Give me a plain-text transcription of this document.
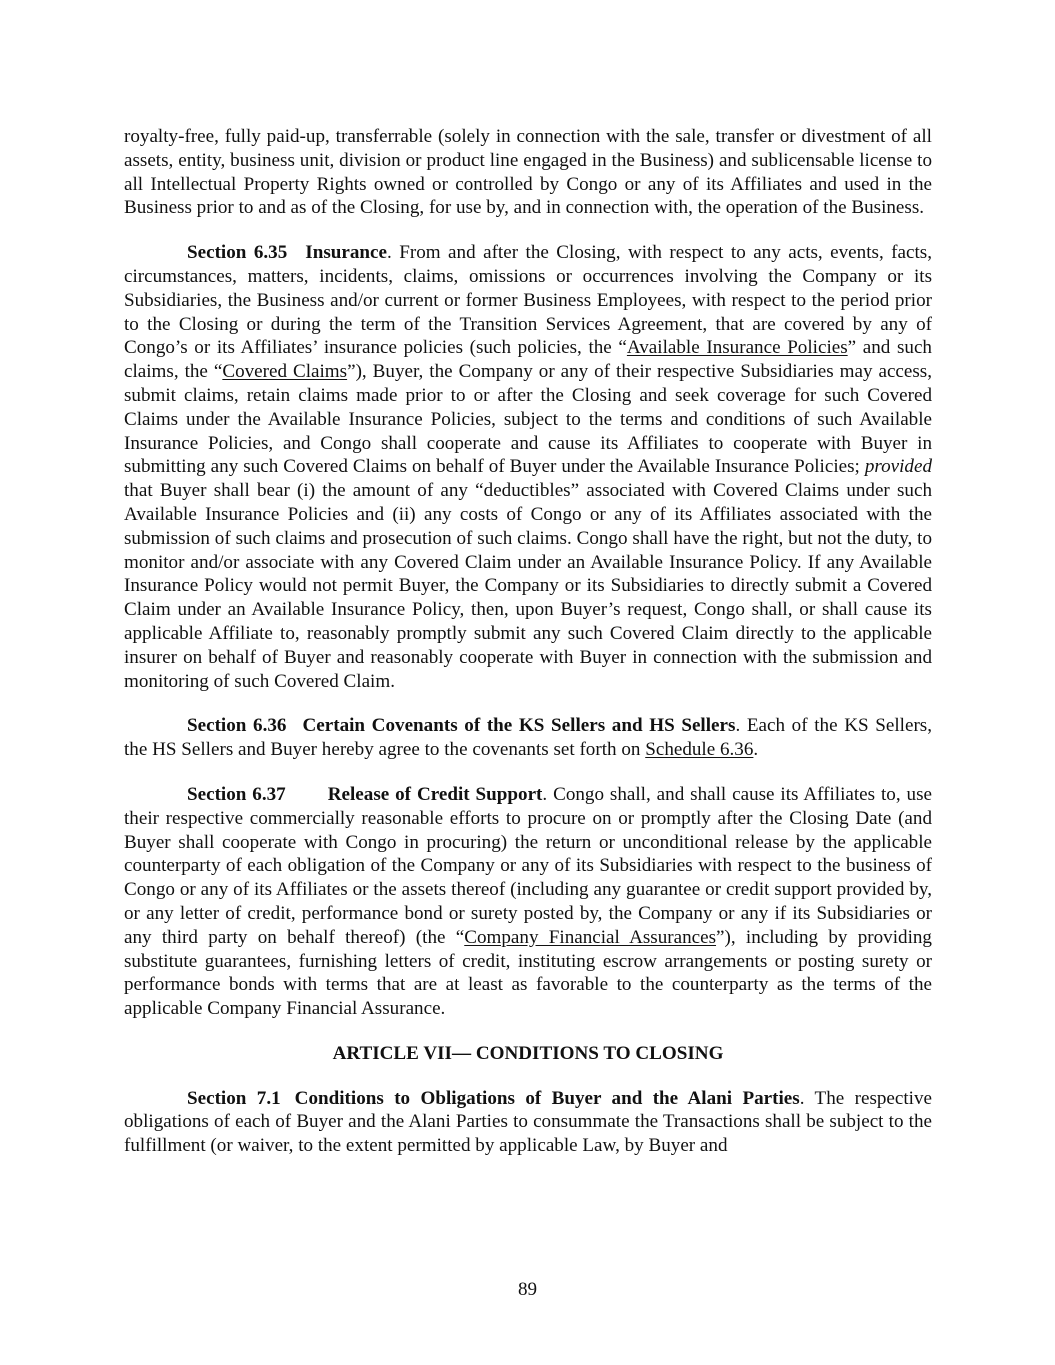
royalty-free, fully paid-up, transferrable (solely in connection with the sale, transfer or divestment of all assets, entity, business unit, division or product line engaged in the Business) and sublicensable license to all Intellectual Property Rights owned or controlled by Congo or any of its Affiliates and used in the Business prior to and as of the Closing, for use by, and in connection with, the operation of the Business.

Section 6.35 Insurance. From and after the Closing, with respect to any acts, events, facts, circumstances, matters, incidents, claims, omissions or occurrences involving the Company or its Subsidiaries, the Business and/or current or former Business Employees, with respect to the period prior to the Closing or during the term of the Transition Services Agreement, that are covered by any of Congo’s or its Affiliates’ insurance policies (such policies, the “Available Insurance Policies” and such claims, the “Covered Claims”), Buyer, the Company or any of their respective Subsidiaries may access, submit claims, retain claims made prior to or after the Closing and seek coverage for such Covered Claims under the Available Insurance Policies, subject to the terms and conditions of such Available Insurance Policies, and Congo shall cooperate and cause its Affiliates to cooperate with Buyer in submitting any such Covered Claims on behalf of Buyer under the Available Insurance Policies; provided that Buyer shall bear (i) the amount of any “deductibles” associated with Covered Claims under such Available Insurance Policies and (ii) any costs of Congo or any of its Affiliates associated with the submission of such claims and prosecution of such claims. Congo shall have the right, but not the duty, to monitor and/or associate with any Covered Claim under an Available Insurance Policy. If any Available Insurance Policy would not permit Buyer, the Company or its Subsidiaries to directly submit a Covered Claim under an Available Insurance Policy, then, upon Buyer’s request, Congo shall, or shall cause its applicable Affiliate to, reasonably promptly submit any such Covered Claim directly to the applicable insurer on behalf of Buyer and reasonably cooperate with Buyer in connection with the submission and monitoring of such Covered Claim.

Section 6.36 Certain Covenants of the KS Sellers and HS Sellers. Each of the KS Sellers, the HS Sellers and Buyer hereby agree to the covenants set forth on Schedule 6.36.

Section 6.37 Release of Credit Support. Congo shall, and shall cause its Affiliates to, use their respective commercially reasonable efforts to procure on or promptly after the Closing Date (and Buyer shall cooperate with Congo in procuring) the return or unconditional release by the applicable counterparty of each obligation of the Company or any of its Subsidiaries with respect to the business of Congo or any of its Affiliates or the assets thereof (including any guarantee or credit support provided by, or any letter of credit, performance bond or surety posted by, the Company or any if its Subsidiaries or any third party on behalf thereof) (the “Company Financial Assurances”), including by providing substitute guarantees, furnishing letters of credit, instituting escrow arrangements or posting surety or performance bonds with terms that are at least as favorable to the counterparty as the terms of the applicable Company Financial Assurance.

ARTICLE VII— CONDITIONS TO CLOSING

Section 7.1 Conditions to Obligations of Buyer and the Alani Parties. The respective obligations of each of Buyer and the Alani Parties to consummate the Transactions shall be subject to the fulfillment (or waiver, to the extent permitted by applicable Law, by Buyer and

89
